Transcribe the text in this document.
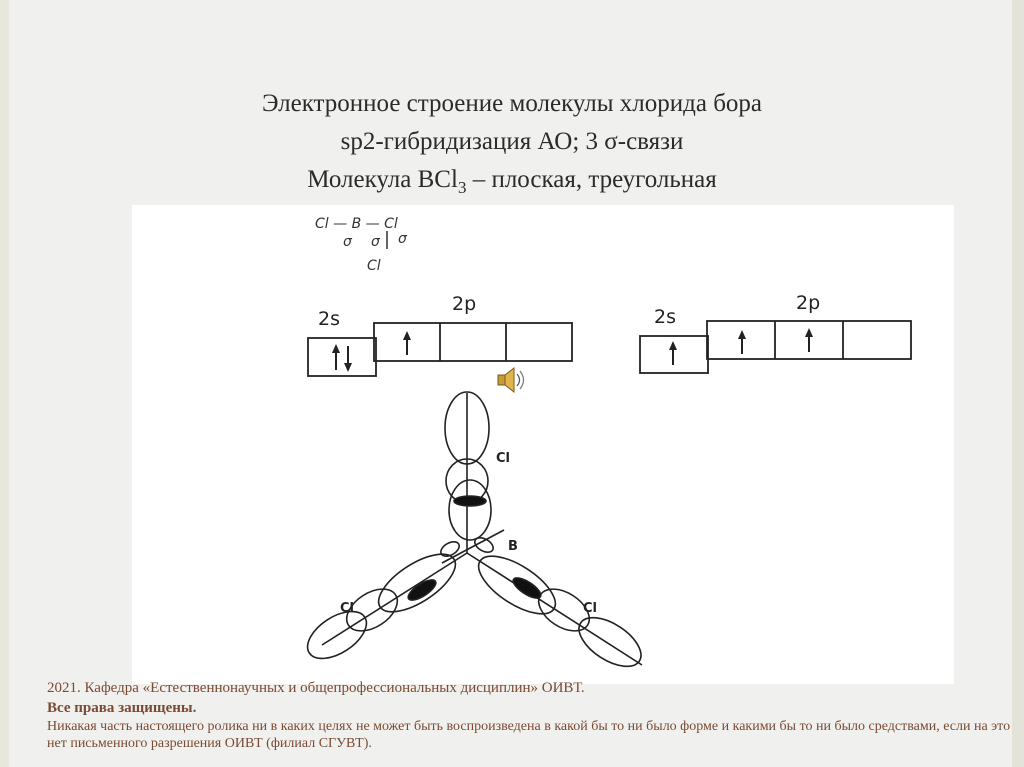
Электронное строение молекулы хлорида бора
sp2-гибридизация АО; 3 σ-связи
Молекула BCl$_3$ – плоская, треугольная
Cl — B — Cl
σ σ σ
Cl
2s
2p
2s
2p
Cl
B
Cl	Cl
2021. Кафедра «Естественнонаучных и общепрофессиональных дисциплин» ОИВТ.
Все права защищены.
Никакая часть настоящего ролика ни в каких целях не может быть воспроизведена в какой бы то ни было форме и какими бы то ни было средствами, если на это нет письменного разрешения ОИВТ (филиал СГУВТ).
